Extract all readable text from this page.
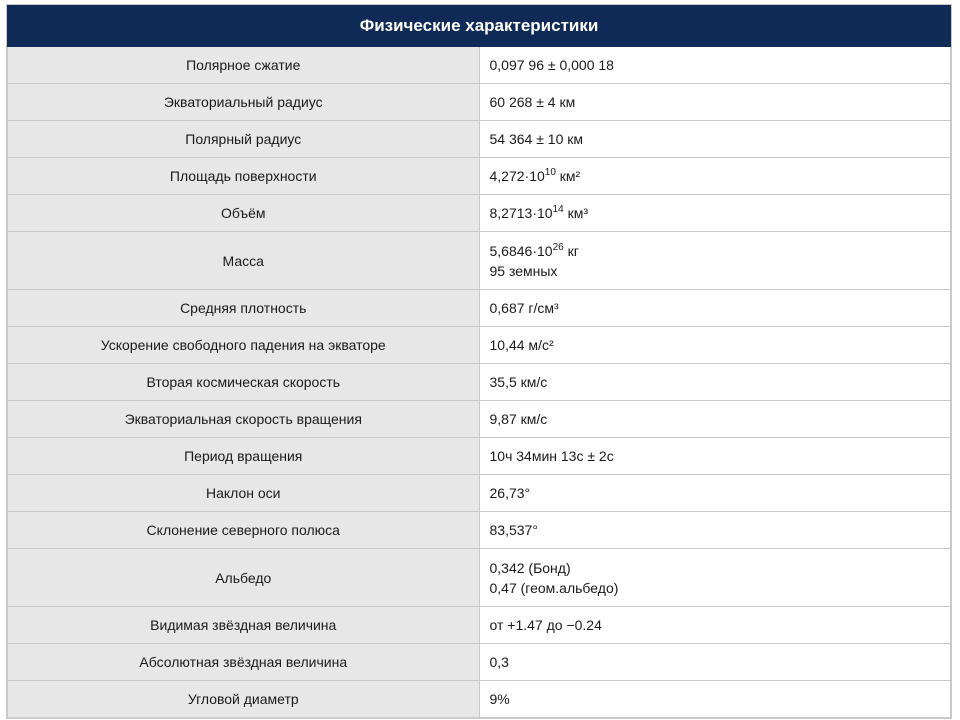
Физические характеристики	
Полярное сжатие	0,097 96 ± 0,000 18
Экваториальный радиус	60 268 ± 4 км
Полярный радиус	54 364 ± 10 км
Площадь поверхности	$4,272\cdot 10^{10}$ км²
Объём	$8,2713\cdot 10^{14}$ км³
Масса	$5,6846\cdot 10^{26}$ кг
95 земных

Средняя плотность	0,687 г/см³
Ускорение свободного падения на экваторе	10,44 м/с²
Вторая космическая скорость	35,5 км/с
Экваториальная скорость вращения	9,87 км/с
Период вращения	10ч 34мин 13с ± 2с
Наклон оси	26,73°
Склонение северного полюса	83,537°
Альбедо	0,342 (Бонд)
0,47 (геом.альбедо)

Видимая звёздная величина	от +1.47 до −0.24
Абсолютная звёздная величина	0,3
Угловой диаметр	9%
